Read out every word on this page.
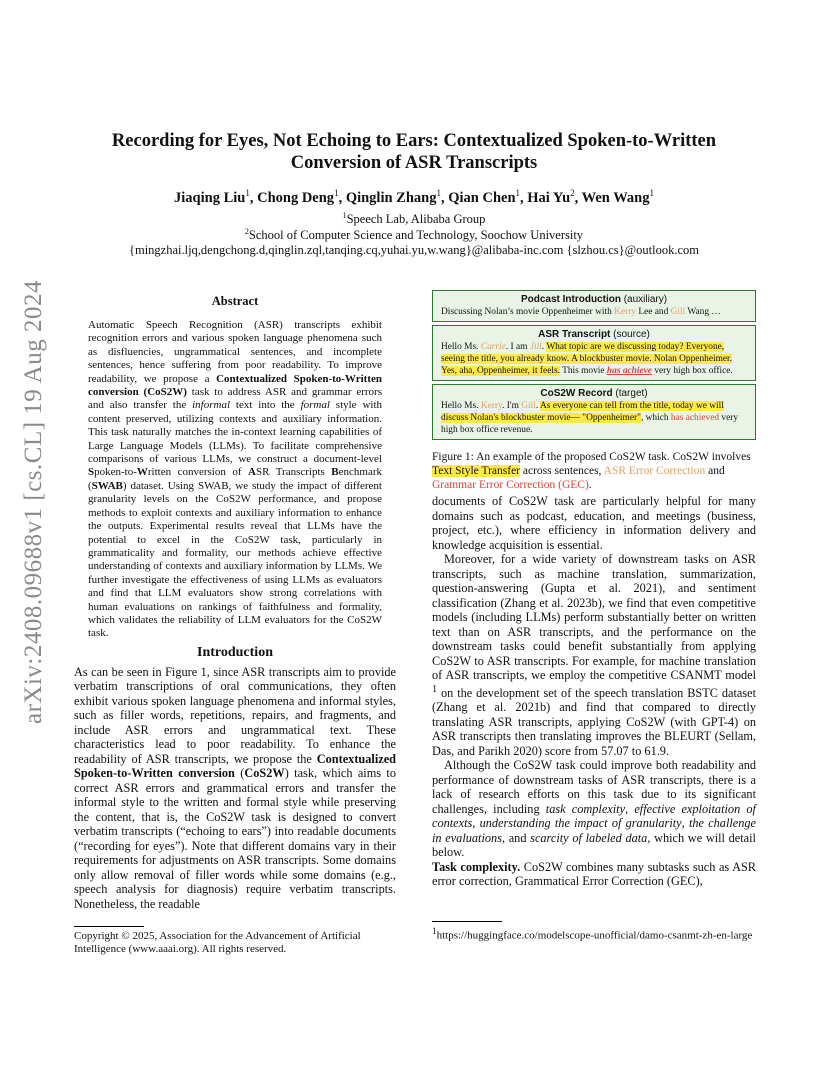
arXiv:2408.09688v1 [cs.CL] 19 Aug 2024
Recording for Eyes, Not Echoing to Ears: Contextualized Spoken-to-Written
Conversion of ASR Transcripts
Jiaqing Liu$^1$, Chong Deng$^1$, Qinglin Zhang$^1$, Qian Chen$^1$, Hai Yu$^2$, Wen Wang$^1$
$^1$Speech Lab, Alibaba Group
$^2$School of Computer Science and Technology, Soochow University
{mingzhai.ljq,dengchong.d,qinglin.zql,tanqing.cq,yuhai.yu,w.wang}@alibaba-inc.com {slzhou.cs}@outlook.com
Abstract

Automatic Speech Recognition (ASR) transcripts exhibit recognition errors and various spoken language phenomena such as disfluencies, ungrammatical sentences, and incomplete sentences, hence suffering from poor readability. To improve readability, we propose a Contextualized Spoken-to-Written conversion (CoS2W) task to address ASR and grammar errors and also transfer the informal text into the formal style with content preserved, utilizing contexts and auxiliary information. This task naturally matches the in-context learning capabilities of Large Language Models (LLMs). To facilitate comprehensive comparisons of various LLMs, we construct a document-level Spoken-to-Written conversion of ASR Transcripts Benchmark (SWAB) dataset. Using SWAB, we study the impact of different granularity levels on the CoS2W performance, and propose methods to exploit contexts and auxiliary information to enhance the outputs. Experimental results reveal that LLMs have the potential to excel in the CoS2W task, particularly in grammaticality and formality, our methods achieve effective understanding of contexts and auxiliary information by LLMs. We further investigate the effectiveness of using LLMs as evaluators and find that LLM evaluators show strong correlations with human evaluations on rankings of faithfulness and formality, which validates the reliability of LLM evaluators for the CoS2W task.

Introduction

As can be seen in Figure 1, since ASR transcripts aim to provide verbatim transcriptions of oral communications, they often exhibit various spoken language phenomena and informal styles, such as filler words, repetitions, repairs, and fragments, and include ASR errors and ungrammatical text. These characteristics lead to poor readability. To enhance the readability of ASR transcripts, we propose the Contextualized Spoken-to-Written conversion (CoS2W) task, which aims to correct ASR errors and grammatical errors and transfer the informal style to the written and formal style while preserving the content, that is, the CoS2W task is designed to convert verbatim transcripts (“echoing to ears”) into readable documents (“recording for eyes”). Note that different domains vary in their requirements for adjustments on ASR transcripts. Some domains only allow removal of filler words while some domains (e.g., speech analysis for diagnosis) require verbatim transcripts. Nonetheless, the readable

Copyright © 2025, Association for the Advancement of Artificial Intelligence (www.aaai.org). All rights reserved.
Podcast Introduction (auxiliary)
Discussing Nolan’s movie Oppenheimer with Kerry Lee and Gill Wang …
ASR Transcript (source)
Hello Ms. Carrie. I am Jill. What topic are we discussing today? Everyone, seeing the title, you already know. A blockbuster movie. Nolan Oppenheimer. Yes, aha, Oppenheimer, it feels. This movie has achieve very high box office.
CoS2W Record (target)
Hello Ms. Kerry. I'm Gill. As everyone can tell from the title, today we will discuss Nolan's blockbuster movie— "Oppenheimer", which has achieved very high box office revenue.

Figure 1: An example of the proposed CoS2W task. CoS2W involves Text Style Transfer across sentences, ASR Error Correction and Grammar Error Correction (GEC).

documents of CoS2W task are particularly helpful for many domains such as podcast, education, and meetings (business, project, etc.), where efficiency in information delivery and knowledge acquisition is essential.

Moreover, for a wide variety of downstream tasks on ASR transcripts, such as machine translation, summarization, question-answering (Gupta et al. 2021), and sentiment classification (Zhang et al. 2023b), we find that even competitive models (including LLMs) perform substantially better on written text than on ASR transcripts, and the performance on the downstream tasks could benefit substantially from applying CoS2W to ASR transcripts. For example, for machine translation of ASR transcripts, we employ the competitive CSANMT model $^1$ on the development set of the speech translation BSTC dataset (Zhang et al. 2021b) and find that compared to directly translating ASR transcripts, applying CoS2W (with GPT-4) on ASR transcripts then translating improves the BLEURT (Sellam, Das, and Parikh 2020) score from 57.07 to 61.9.

Although the CoS2W task could improve both readability and performance of downstream tasks of ASR transcripts, there is a lack of research efforts on this task due to its significant challenges, including task complexity, effective exploitation of contexts, understanding the impact of granularity, the challenge in evaluations, and scarcity of labeled data, which we will detail below.

Task complexity. CoS2W combines many subtasks such as ASR error correction, Grammatical Error Correction (GEC),

$^1$https://huggingface.co/modelscope-unofficial/damo-csanmt-zh-en-large
